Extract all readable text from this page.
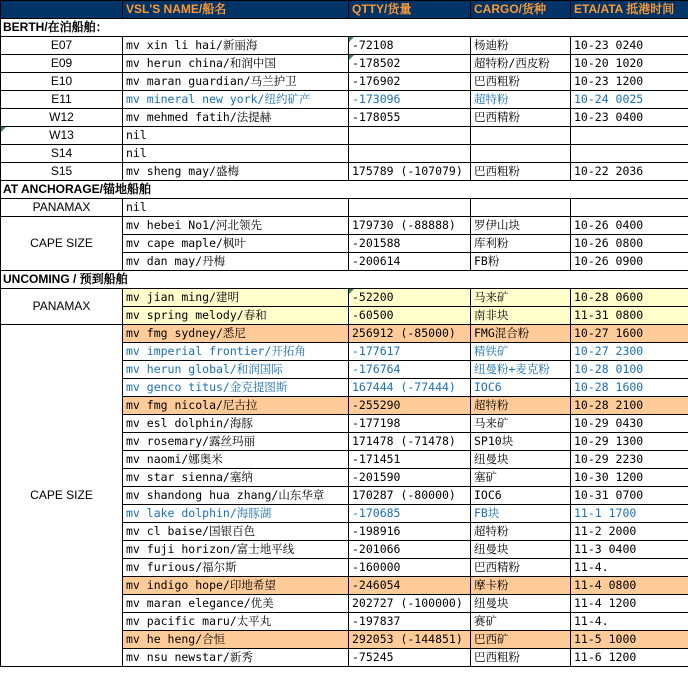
	VSL'S NAME/船名	QTTY/货量	CARGO/货种	ETA/ATA 抵港时间
BERTH/在泊船舶：				
E07	mv xin li hai/新丽海	-72108	杨迪粉	10-23 0240
E09	mv herun china/和润中国	-178502	超特粉/西皮粉	10-20 1020
E10	mv maran guardian/马兰护卫	-176902	巴西粗粉	10-23 1200
E11	mv mineral new york/纽约矿产	-173096	超特粉	10-24 0025
W12	mv mehmed fatih/法提赫	-178055	巴西精粉	10-23 0400
W13	nil			
S14	nil			
S15	mv sheng may/盛梅	175789 (-107079)	巴西粗粉	10-22 2036
AT ANCHORAGE/锚地船舶				
PANAMAX	nil			
CAPE SIZE	mv hebei No1/河北领先	179730 (-88888)	罗伊山块	10-26 0400
	mv cape maple/枫叶	-201588	库利粉	10-26 0800
	mv dan may/丹梅	-200614	FB粉	10-26 0900
UNCOMING / 预到船舶				
PANAMAX	mv jian ming/建明	-52200	马来矿	10-28 0600
	mv spring melody/春和	-60500	南非块	11-31 0800
CAPE SIZE	mv fmg sydney/悉尼	256912 (-85000)	FMG混合粉	10-27 1600
	mv imperial frontier/开拓角	-177617	精铁矿	10-27 2300
	mv herun global/和润国际	-176764	纽曼粉+麦克粉	10-28 0100
	mv genco titus/金克提图斯	167444 (-77444)	IOC6	10-28 1600
	mv fmg nicola/尼古拉	-255290	超特粉	10-28 2100
	mv esl dolphin/海豚	-177198	马来矿	10-29 0430
	mv rosemary/露丝玛丽	171478 (-71478)	SP10块	10-29 1300
	mv naomi/娜奥米	-171451	纽曼块	10-29 2230
	mv star sienna/塞纳	-201590	塞矿	10-30 1200
	mv shandong hua zhang/山东华章	170287 (-80000)	IOC6	10-31 0700
	mv lake dolphin/海豚湖	-170685	FB块	11-1 1700
	mv cl baise/国银百色	-198916	超特粉	11-2 2000
	mv fuji horizon/富士地平线	-201066	纽曼块	11-3 0400
	mv furious/福尔斯	-160000	巴西精粉	11-4.
	mv indigo hope/印地希望	-246054	摩卡粉	11-4 0800
	mv maran elegance/优美	202727 (-100000)	纽曼块	11-4 1200
	mv pacific maru/太平丸	-197837	赛矿	11-4.
	mv he heng/合恒	292053 (-144851)	巴西矿	11-5 1000
	mv nsu newstar/新秀	-75245	巴西粗粉	11-6 1200
